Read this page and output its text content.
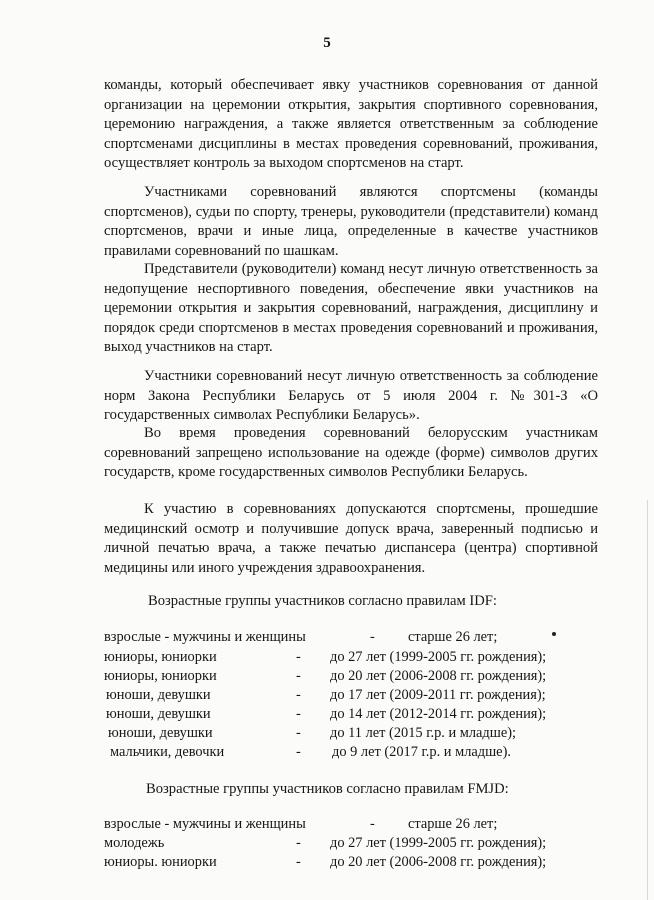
5

команды, который обеспечивает явку участников соревнования от данной организации на церемонии открытия, закрытия спортивного соревнования, церемонию награждения, а также является ответственным за соблюдение спортсменами дисциплины в местах проведения соревнований, проживания, осуществляет контроль за выходом спортсменов на старт.

Участниками соревнований являются спортсмены (команды спортсменов), судьи по спорту, тренеры, руководители (представители) команд спортсменов, врачи и иные лица, определенные в качестве участников правилами соревнований по шашкам.

Представители (руководители) команд несут личную ответственность за недопущение неспортивного поведения, обеспечение явки участников на церемонии открытия и закрытия соревнований, награждения, дисциплину и порядок среди спортсменов в местах проведения соревнований и проживания, выход участников на старт.

Участники соревнований несут личную ответственность за соблюдение норм Закона Республики Беларусь от 5 июля 2004 г. №301-З «О государственных символах Республики Беларусь».

Во время проведения соревнований белорусским участникам соревнований запрещено использование на одежде (форме) символов других государств, кроме государственных символов Республики Беларусь.

К участию в соревнованиях допускаются спортсмены, прошедшие медицинский осмотр и получившие допуск врача, заверенный подписью и личной печатью врача, а также печатью диспансера (центра) спортивной медицины или иного учреждения здравоохранения.

Возрастные группы участников согласно правилам IDF:
взрослые - мужчины и женщины	- старше 26 лет;
юниоры, юниорки	- до 27 лет (1999-2005 гг. рождения);
юниоры, юниорки	- до 20 лет (2006-2008 гг. рождения);
юноши, девушки	- до 17 лет (2009-2011 гг. рождения);
юноши, девушки	- до 14 лет (2012-2014 гг. рождения);
юноши, девушки	- до 11 лет (2015 г.р. и младше);
мальчики, девочки	- до 9 лет (2017 г.р. и младше).
Возрастные группы участников согласно правилам FMJD:
взрослые - мужчины и женщины	- старше 26 лет;
молодежь	- до 27 лет (1999-2005 гг. рождения);
юниоры. юниорки	- до 20 лет (2006-2008 гг. рождения);
